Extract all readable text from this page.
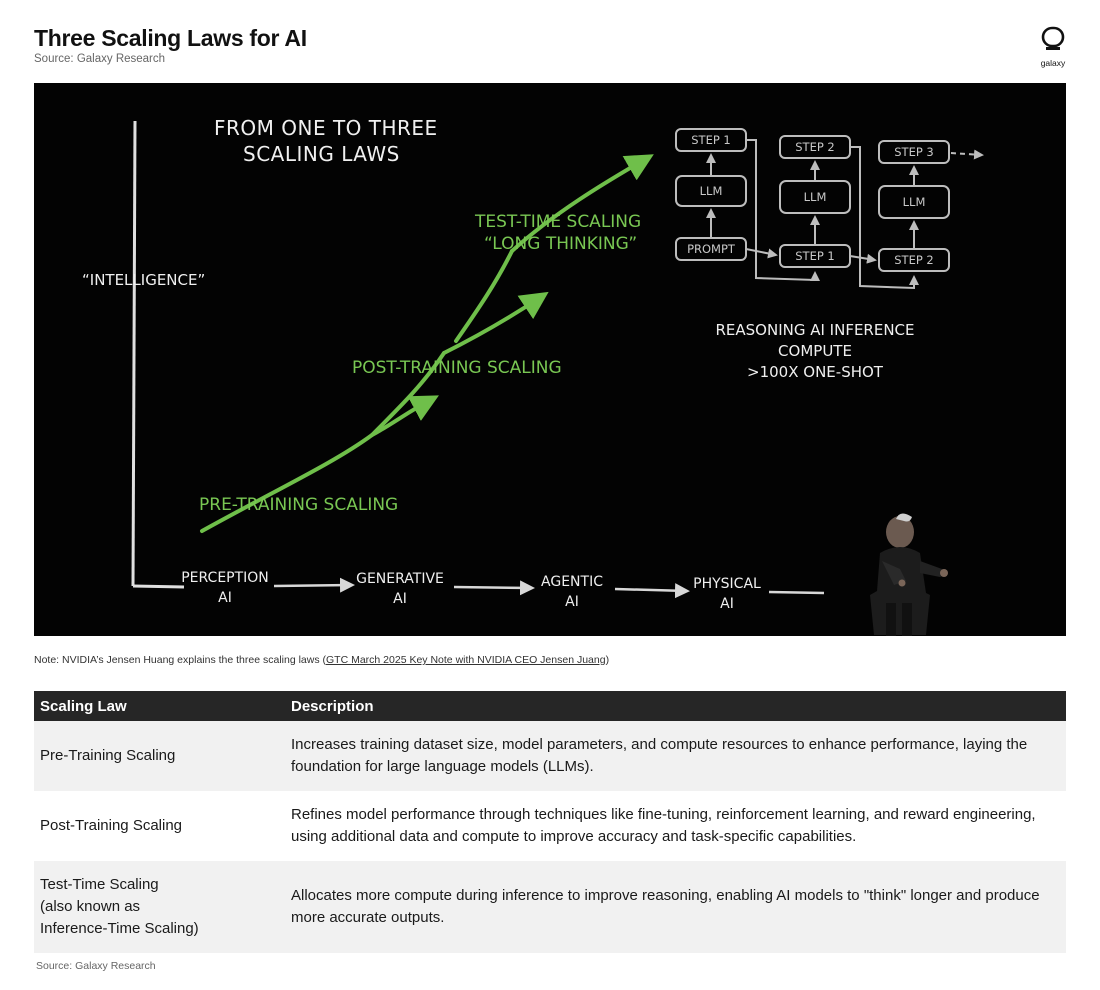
Three Scaling Laws for AI
Source: Galaxy Research	galaxy
FROM ONE TO THREE
SCALING LAWS
“INTELLIGENCE”
PRE-TRAINING SCALING
POST-TRAINING SCALING
TEST-TIME SCALING
“LONG THINKING”
PERCEPTION
AI
GENERATIVE
AI
AGENTIC
AI
PHYSICAL
AI
STEP 1
LLM
PROMPT
STEP 2
LLM
STEP 1
STEP 3
LLM
STEP 2
REASONING AI INFERENCE
COMPUTE
>100X ONE-SHOT
Note: NVIDIA’s Jensen Huang explains the three scaling laws (GTC March 2025 Key Note with NVIDIA CEO Jensen Juang)
Scaling Law	Description
Pre-Training Scaling
Increases training dataset size, model parameters, and compute resources to enhance performance, laying the foundation for large language models (LLMs).
Post-Training Scaling
Refines model performance through techniques like fine-tuning, reinforcement learning, and reward engineering, using additional data and compute to improve accuracy and task-specific capabilities.
Test-Time Scaling
(also known as
Inference-Time Scaling)
Allocates more compute during inference to improve reasoning, enabling AI models to "think" longer and produce more accurate outputs.
Source: Galaxy Research
